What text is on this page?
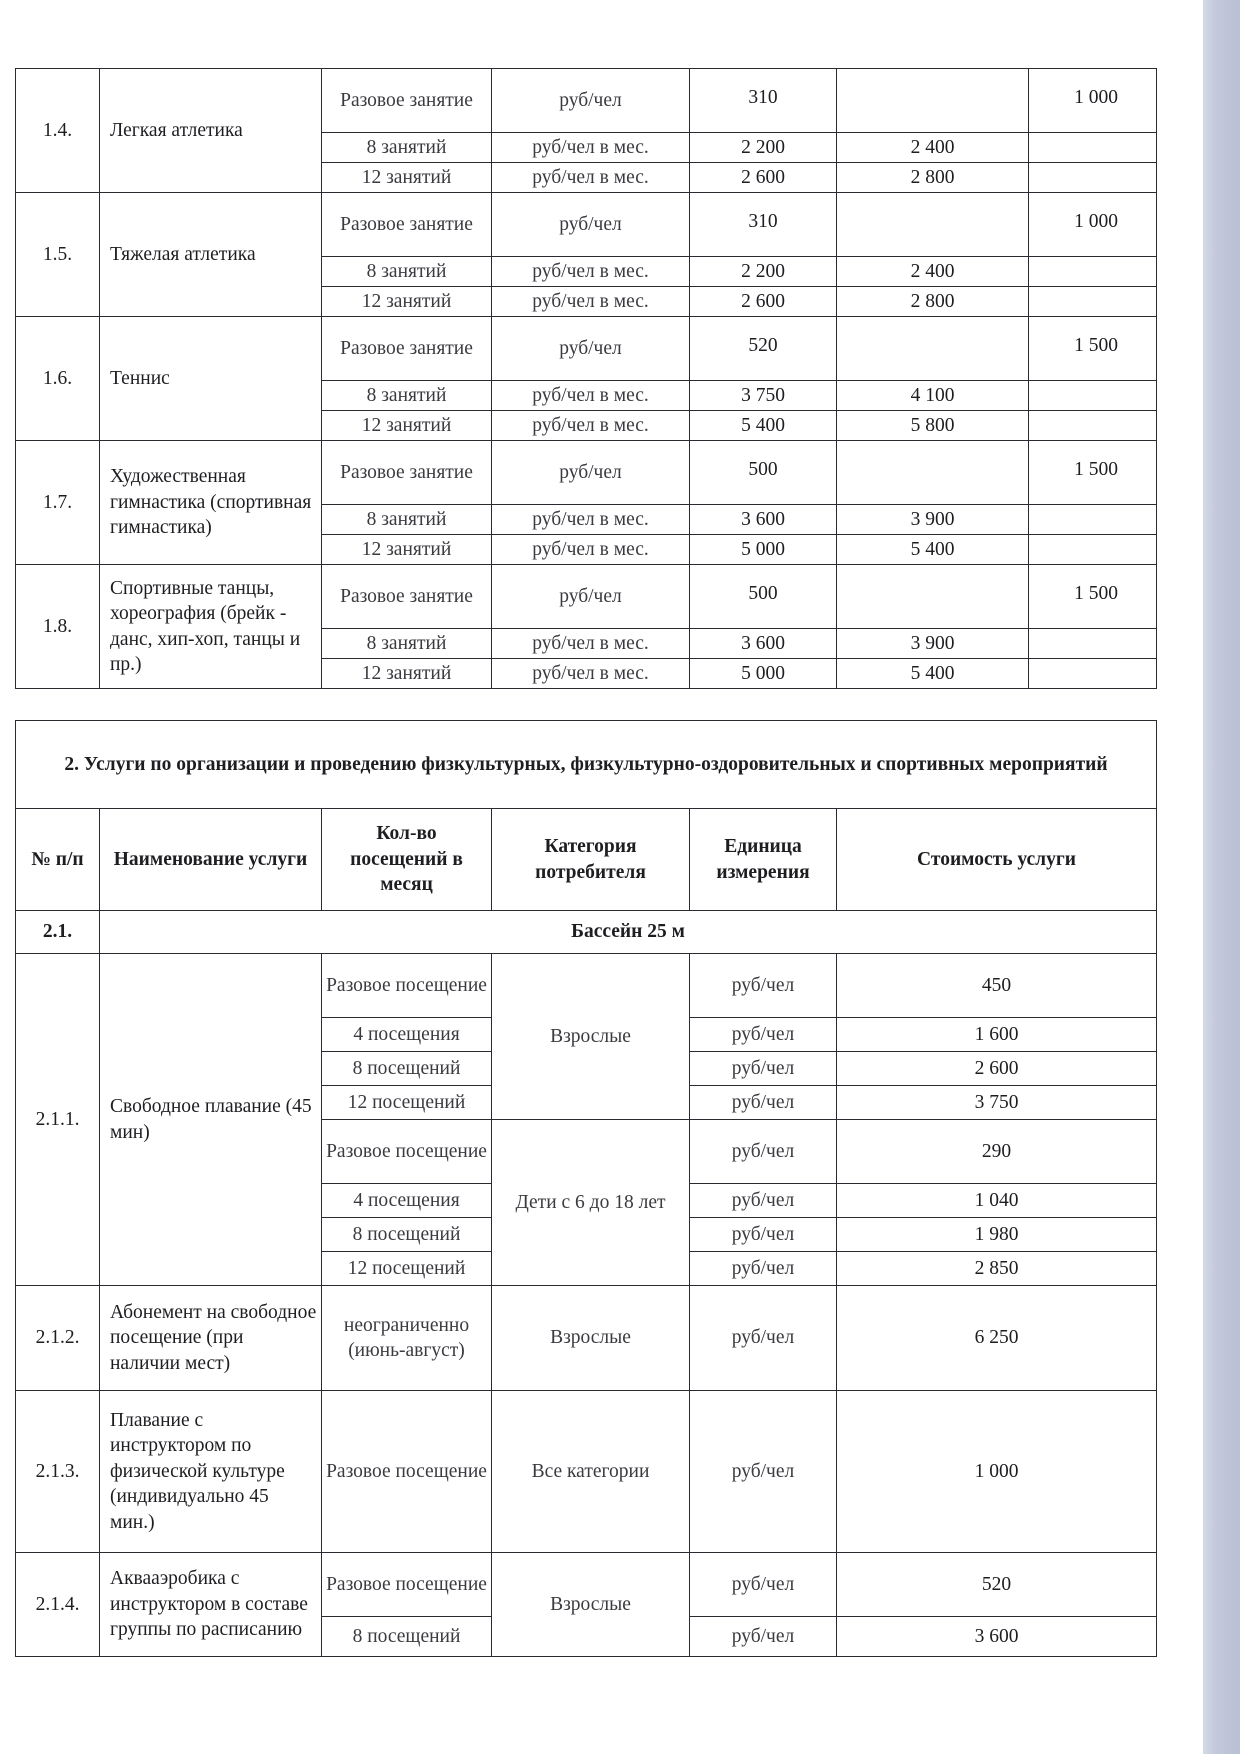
1.4.	Легкая атлетика	Разовое занятие	руб/чел	310		1 000
		8 занятий	руб/чел в мес.	2 200	2 400	
		12 занятий	руб/чел в мес.	2 600	2 800	
1.5.	Тяжелая атлетика	Разовое занятие	руб/чел	310		1 000
		8 занятий	руб/чел в мес.	2 200	2 400	
		12 занятий	руб/чел в мес.	2 600	2 800	
1.6.	Теннис	Разовое занятие	руб/чел	520		1 500
		8 занятий	руб/чел в мес.	3 750	4 100	
		12 занятий	руб/чел в мес.	5 400	5 800	
1.7.	Художественная гимнастика (спортивная гимнастика)	Разовое занятие	руб/чел	500		1 500
		8 занятий	руб/чел в мес.	3 600	3 900	
		12 занятий	руб/чел в мес.	5 000	5 400	
1.8.	Спортивные танцы, хореография (брейк - данс, хип-хоп, танцы и пр.)	Разовое занятие	руб/чел	500		1 500
		8 занятий	руб/чел в мес.	3 600	3 900	
		12 занятий	руб/чел в мес.	5 000	5 400	
2. Услуги по организации и проведению физкультурных, физкультурно-оздоровительных и спортивных мероприятий					
№ п/п	Наименование услуги	Кол-во посещений в месяц	Категория потребителя	Единица измерения	Стоимость услуги
2.1.	Бассейн 25 м				
2.1.1.	Свободное плавание (45 мин)	Разовое посещение	Взрослые	руб/чел	450
		4 посещения		руб/чел	1 600
		8 посещений		руб/чел	2 600
		12 посещений		руб/чел	3 750
		Разовое посещение	Дети с 6 до 18 лет	руб/чел	290
		4 посещения		руб/чел	1 040
		8 посещений		руб/чел	1 980
		12 посещений		руб/чел	2 850
2.1.2.	Абонемент на свободное посещение (при наличии мест)	неограниченно (июнь-август)	Взрослые	руб/чел	6 250
2.1.3.	Плавание с инструктором по физической культуре (индивидуально 45 мин.)	Разовое посещение	Все категории	руб/чел	1 000
2.1.4.	Аквааэробика с инструктором в составе группы по расписанию	Разовое посещение	Взрослые	руб/чел	520
		8 посещений		руб/чел	3 600
